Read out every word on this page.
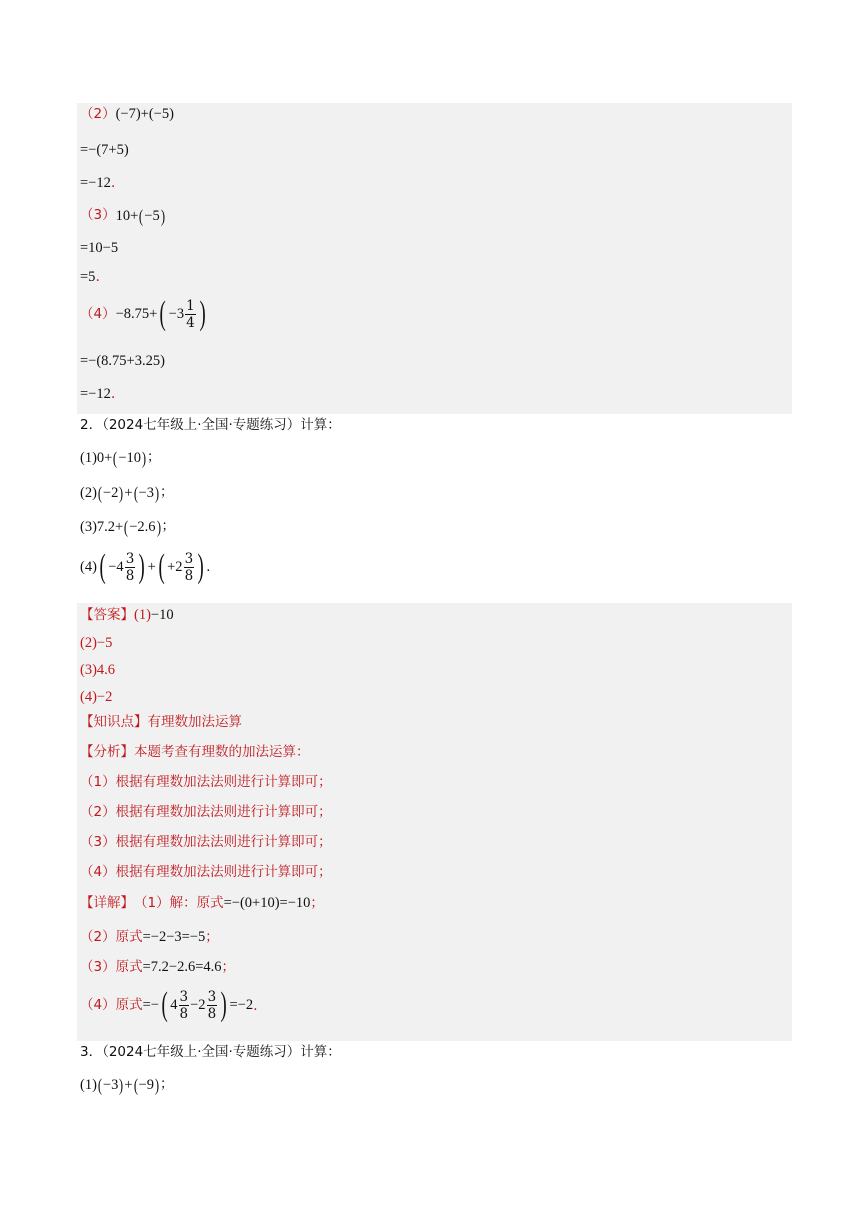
（2） (−7)+(−5)
=−(7+5)
=−12 .
（3） 10+ ( −5 )
=10−5
=5 .
（4） −8.75+ ( $-3 \frac{1}{4}$ )
=−(8.75+3.25)
=−12 .
2．（2024七年级上·全国·专题练习）计算：
(1) 0+ ( −10 ) ；
(2) ( −2 ) + ( −3 ) ；
(3) 7.2+ ( −2.6 ) ；
(4) ( $-4 \frac{3}{8}$ ) + ( $+2 \frac{3}{8}$ ) .
【答案】 (1) −10
(2)−5
(3)4.6
(4)−2
【知识点】 有理数加法运算
【分析】 本题考查有理数的加法运算：
（1）根据有理数加法法则进行计算即可；
（2）根据有理数加法法则进行计算即可；
（3）根据有理数加法法则进行计算即可；
（4）根据有理数加法法则进行计算即可；
【详解】 （1）解：原式 =−(0+10)=−10 ；
（2）原式 =−2−3=−5 ；
（3）原式 =7.2−2.6=4.6 ；
（4）原式 =− ( $4 \frac{3}{8} -2 \frac{3}{8}$ ) =−2 .
3．（2024七年级上·全国·专题练习）计算：
(1) ( −3 ) + ( −9 ) ；
